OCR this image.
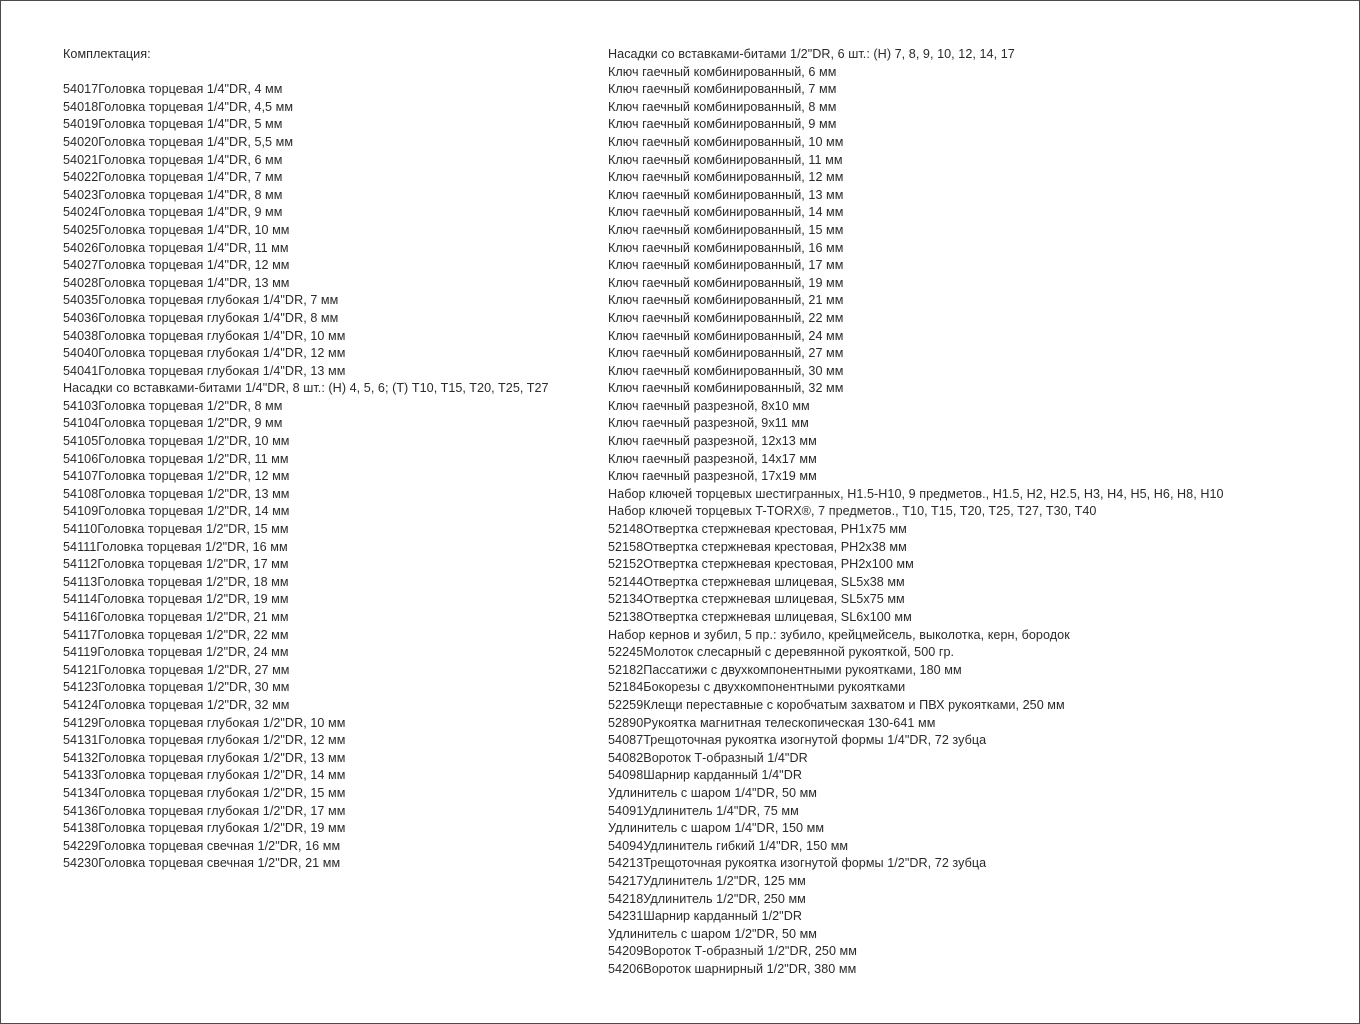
Комплектация:
54017Головка торцевая 1/4"DR, 4 мм
54018Головка торцевая 1/4"DR, 4,5 мм
54019Головка торцевая 1/4"DR, 5 мм
54020Головка торцевая 1/4"DR, 5,5 мм
54021Головка торцевая 1/4"DR, 6 мм
54022Головка торцевая 1/4"DR, 7 мм
54023Головка торцевая 1/4"DR, 8 мм
54024Головка торцевая 1/4"DR, 9 мм
54025Головка торцевая 1/4"DR, 10 мм
54026Головка торцевая 1/4"DR, 11 мм
54027Головка торцевая 1/4"DR, 12 мм
54028Головка торцевая 1/4"DR, 13 мм
54035Головка торцевая глубокая 1/4"DR, 7 мм
54036Головка торцевая глубокая 1/4"DR, 8 мм
54038Головка торцевая глубокая 1/4"DR, 10 мм
54040Головка торцевая глубокая 1/4"DR, 12 мм
54041Головка торцевая глубокая 1/4"DR, 13 мм
Насадки со вставками-битами 1/4"DR, 8 шт.: (H) 4, 5, 6; (T) T10, T15, T20, T25, T27
54103Головка торцевая 1/2"DR, 8 мм
54104Головка торцевая 1/2"DR, 9 мм
54105Головка торцевая 1/2"DR, 10 мм
54106Головка торцевая 1/2"DR, 11 мм
54107Головка торцевая 1/2"DR, 12 мм
54108Головка торцевая 1/2"DR, 13 мм
54109Головка торцевая 1/2"DR, 14 мм
54110Головка торцевая 1/2"DR, 15 мм
54111Головка торцевая 1/2"DR, 16 мм
54112Головка торцевая 1/2"DR, 17 мм
54113Головка торцевая 1/2"DR, 18 мм
54114Головка торцевая 1/2"DR, 19 мм
54116Головка торцевая 1/2"DR, 21 мм
54117Головка торцевая 1/2"DR, 22 мм
54119Головка торцевая 1/2"DR, 24 мм
54121Головка торцевая 1/2"DR, 27 мм
54123Головка торцевая 1/2"DR, 30 мм
54124Головка торцевая 1/2"DR, 32 мм
54129Головка торцевая глубокая 1/2"DR, 10 мм
54131Головка торцевая глубокая 1/2"DR, 12 мм
54132Головка торцевая глубокая 1/2"DR, 13 мм
54133Головка торцевая глубокая 1/2"DR, 14 мм
54134Головка торцевая глубокая 1/2"DR, 15 мм
54136Головка торцевая глубокая 1/2"DR, 17 мм
54138Головка торцевая глубокая 1/2"DR, 19 мм
54229Головка торцевая свечная 1/2"DR, 16 мм
54230Головка торцевая свечная 1/2"DR, 21 мм
Насадки со вставками-битами 1/2"DR, 6 шт.: (H) 7, 8, 9, 10, 12, 14, 17
Ключ гаечный комбинированный, 6 мм
Ключ гаечный комбинированный, 7 мм
Ключ гаечный комбинированный, 8 мм
Ключ гаечный комбинированный, 9 мм
Ключ гаечный комбинированный, 10 мм
Ключ гаечный комбинированный, 11 мм
Ключ гаечный комбинированный, 12 мм
Ключ гаечный комбинированный, 13 мм
Ключ гаечный комбинированный, 14 мм
Ключ гаечный комбинированный, 15 мм
Ключ гаечный комбинированный, 16 мм
Ключ гаечный комбинированный, 17 мм
Ключ гаечный комбинированный, 19 мм
Ключ гаечный комбинированный, 21 мм
Ключ гаечный комбинированный, 22 мм
Ключ гаечный комбинированный, 24 мм
Ключ гаечный комбинированный, 27 мм
Ключ гаечный комбинированный, 30 мм
Ключ гаечный комбинированный, 32 мм
Ключ гаечный разрезной, 8x10 мм
Ключ гаечный разрезной, 9x11 мм
Ключ гаечный разрезной, 12x13 мм
Ключ гаечный разрезной, 14x17 мм
Ключ гаечный разрезной, 17x19 мм
Набор ключей торцевых шестигранных, H1.5-H10, 9 предметов., H1.5, H2, H2.5, H3, H4, H5, H6, H8, H10
Набор ключей торцевых T-TORX®, 7 предметов., T10, T15, T20, T25, T27, T30, T40
52148Отвертка стержневая крестовая, PH1x75 мм
52158Отвертка стержневая крестовая, PH2x38 мм
52152Отвертка стержневая крестовая, PH2x100 мм
52144Отвертка стержневая шлицевая, SL5x38 мм
52134Отвертка стержневая шлицевая, SL5x75 мм
52138Отвертка стержневая шлицевая, SL6x100 мм
Набор кернов и зубил, 5 пр.: зубило, крейцмейсель, выколотка, керн, бородок
52245Молоток слесарный с деревянной рукояткой, 500 гр.
52182Пассатижи с двухкомпонентными рукоятками, 180 мм
52184Бокорезы с двухкомпонентными рукоятками
52259Клещи переставные с коробчатым захватом и ПВХ рукоятками, 250 мм
52890Рукоятка магнитная телескопическая 130-641 мм
54087Трещоточная рукоятка изогнутой формы 1/4"DR, 72 зубца
54082Вороток Т-образный 1/4"DR
54098Шарнир карданный 1/4"DR
Удлинитель с шаром 1/4"DR, 50 мм
54091Удлинитель 1/4"DR, 75 мм
Удлинитель с шаром 1/4"DR, 150 мм
54094Удлинитель гибкий 1/4"DR, 150 мм
54213Трещоточная рукоятка изогнутой формы 1/2"DR, 72 зубца
54217Удлинитель 1/2"DR, 125 мм
54218Удлинитель 1/2"DR, 250 мм
54231Шарнир карданный 1/2"DR
Удлинитель с шаром 1/2"DR, 50 мм
54209Вороток Т-образный 1/2"DR, 250 мм
54206Вороток шарнирный 1/2"DR, 380 мм
